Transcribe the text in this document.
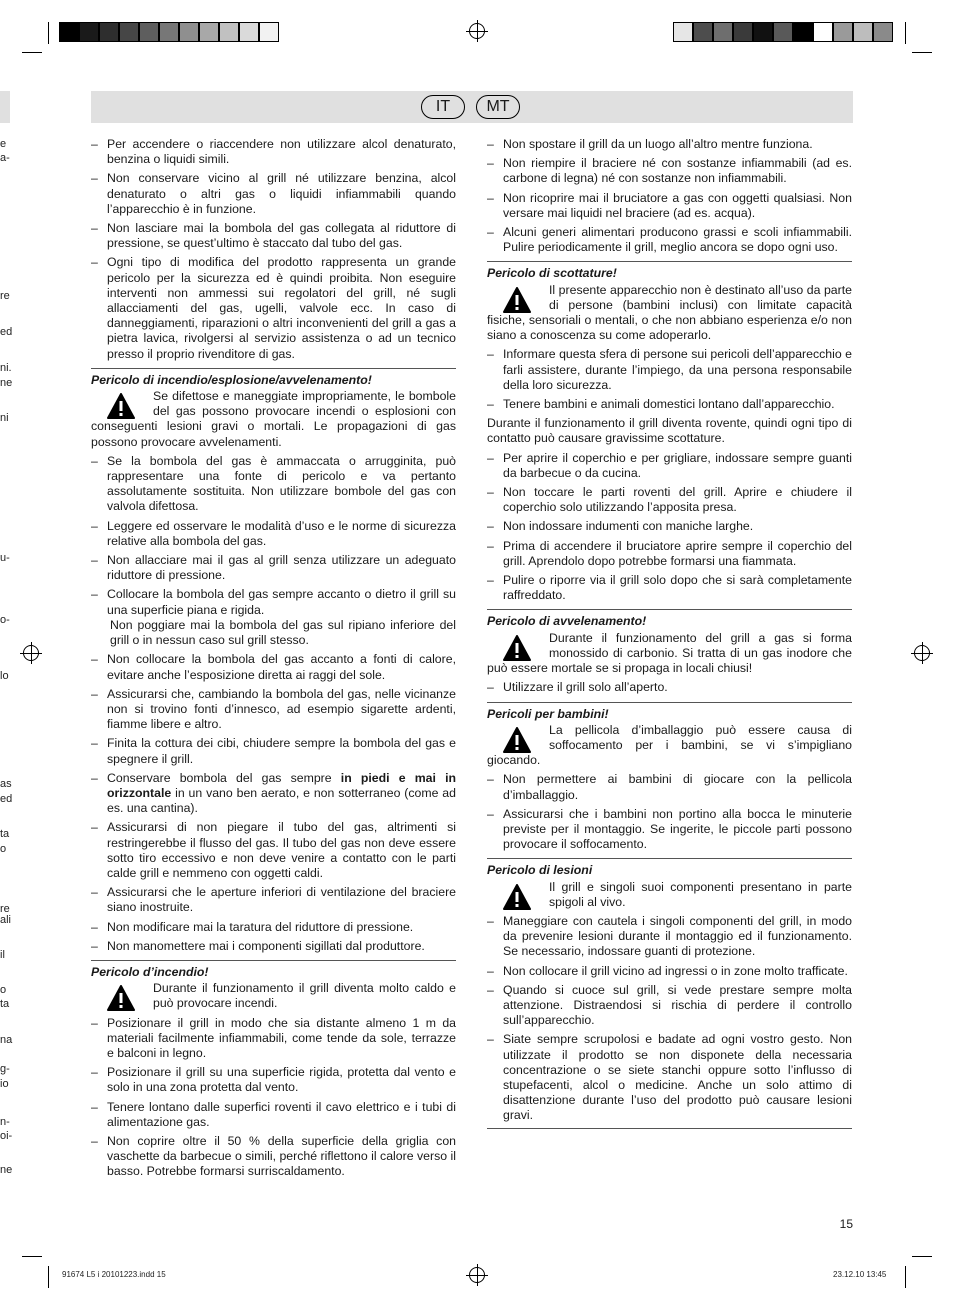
IT	MT
e
a-
re
ed
ni.
ne
ni
u-
o-
lo
as
ed
ta
o
re
ali
il
o
ta
na
g-
io
n-
oi-
ne
– Per accendere o riaccendere non utilizzare alcol denaturato, benzina o liquidi simili.
– Non conservare vicino al grill né utilizzare benzina, alcol denaturato o altri gas o liquidi infiammabili quando l’apparecchio è in funzione.
– Non lasciare mai la bombola del gas collegata al riduttore di pressione, se quest’ultimo è staccato dal tubo del gas.
– Ogni tipo di modifica del prodotto rappresenta un grande pericolo per la sicurezza ed è quindi proibita. Non eseguire interventi non ammessi sui regolatori del grill, né sugli allacciamenti del gas, ugelli, valvole ecc. In caso di danneggiamenti, riparazioni o altri inconvenienti del grill a gas a pietra lavica, rivolgersi al servizio assistenza o ad un tecnico presso il proprio rivenditore di gas.
Pericolo di incendio/esplosione/avvelenamento!
Se difettose e maneggiate impropriamente, le bombole del gas possono provocare incendi o esplosioni con conseguenti lesioni gravi o mortali. Le propagazioni di gas possono provocare avvelenamenti.
– Se la bombola del gas è ammaccata o arrugginita, può rappresentare una fonte di pericolo e va pertanto assolutamente sostituita. Non utilizzare bombole del gas con valvola difettosa.
– Leggere ed osservare le modalità d’uso e le norme di sicurezza relative alla bombola del gas.
– Non allacciare mai il gas al grill senza utilizzare un adeguato riduttore di pressione.
– Collocare la bombola del gas sempre accanto o dietro il grill su una superficie piana e rigida.
Non poggiare mai la bombola del gas sul ripiano inferiore del grill o in nessun caso sul grill stesso.
– Non collocare la bombola del gas accanto a fonti di calore, evitare anche l’esposizione diretta ai raggi del sole.
– Assicurarsi che, cambiando la bombola del gas, nelle vicinanze non si trovino fonti d’innesco, ad esempio sigarette ardenti, fiamme libere e altro.
– Finita la cottura dei cibi, chiudere sempre la bombola del gas e spegnere il grill.
– Conservare bombola del gas sempre in piedi e mai in orizzontale in un vano ben aerato, e non sotterraneo (come ad es. una cantina).
– Assicurarsi di non piegare il tubo del gas, altrimenti si restringerebbe il flusso del gas. Il tubo del gas non deve essere sotto tiro eccessivo e non deve venire a contatto con le parti calde grill e nemmeno con oggetti caldi.
– Assicurarsi che le aperture inferiori di ventilazione del braciere siano inostruite.
– Non modificare mai la taratura del riduttore di pressione.
– Non manomettere mai i componenti sigillati dal produttore.
Pericolo d’incendio!
Durante il funzionamento il grill diventa molto caldo e può provocare incendi.
– Posizionare il grill in modo che sia distante almeno 1 m da materiali facilmente infiammabili, come tende da sole, terrazze e balconi in legno.
– Posizionare il grill su una superficie rigida, protetta dal vento e solo in una zona protetta dal vento.
– Tenere lontano dalle superfici roventi il cavo elettrico e i tubi di alimentazione gas.
– Non coprire oltre il 50 % della superficie della griglia con vaschette da barbecue o simili, perché riflettono il calore verso il basso. Potrebbe formarsi surriscaldamento.
– Non spostare il grill da un luogo all’altro mentre funziona.
– Non riempire il braciere né con sostanze infiammabili (ad es. carbone di legna) né con sostanze non infiammabili.
– Non ricoprire mai il bruciatore a gas con oggetti qualsiasi. Non versare mai liquidi nel braciere (ad es. acqua).
– Alcuni generi alimentari producono grassi e scoli infiammabili. Pulire periodicamente il grill, meglio ancora se dopo ogni uso.
Pericolo di scottature!
Il presente apparecchio non è destinato all’uso da parte di persone (bambini inclusi) con limitate capacità fisiche, sensoriali o mentali, o che non abbiano esperienza e/o non siano a conoscenza su come adoperarlo.
– Informare questa sfera di persone sui pericoli dell’apparecchio e farli assistere, durante l’impiego, da una persona responsabile della loro sicurezza.
– Tenere bambini e animali domestici lontano dall’apparecchio.
Durante il funzionamento il grill diventa rovente, quindi ogni tipo di contatto può causare gravissime scottature.
– Per aprire il coperchio e per grigliare, indossare sempre guanti da barbecue o da cucina.
– Non toccare le parti roventi del grill. Aprire e chiudere il coperchio solo utilizzando l’apposita presa.
– Non indossare indumenti con maniche larghe.
– Prima di accendere il bruciatore aprire sempre il coperchio del grill. Aprendolo dopo potrebbe formarsi una fiammata.
– Pulire o riporre via il grill solo dopo che si sarà completamente raffreddato.
Pericolo di avvelenamento!
Durante il funzionamento del grill a gas si forma monossido di carbonio. Si tratta di un gas inodore che può essere mortale se si propaga in locali chiusi!
– Utilizzare il grill solo all’aperto.
Pericoli per bambini!
La pellicola d’imballaggio può essere causa di soffocamento per i bambini, se vi s’impigliano giocando.
– Non permettere ai bambini di giocare con la pellicola d’imballaggio.
– Assicurarsi che i bambini non portino alla bocca le minuterie previste per il montaggio. Se ingerite, le piccole parti possono provocare il soffocamento.
Pericolo di lesioni
Il grill e singoli suoi componenti presentano in parte spigoli al vivo.
– Maneggiare con cautela i singoli componenti del grill, in modo da prevenire lesioni durante il montaggio ed il funzionamento. Se necessario, indossare guanti di protezione.
– Non collocare il grill vicino ad ingressi o in zone molto trafficate.
– Quando si cuoce sul grill, si vede prestare sempre molta attenzione. Distraendosi si rischia di perdere il controllo sull’apparecchio.
– Siate sempre scrupolosi e badate ad ogni vostro gesto. Non utilizzate il prodotto se non disponete della necessaria concentrazione o se siete stanchi oppure sotto l’influsso di stupefacenti, alcol o medicine. Anche un solo attimo di disattenzione durante l’uso del prodotto può causare lesioni gravi.
15
91674 L5 i 20101223.indd 15	23.12.10 13:45
